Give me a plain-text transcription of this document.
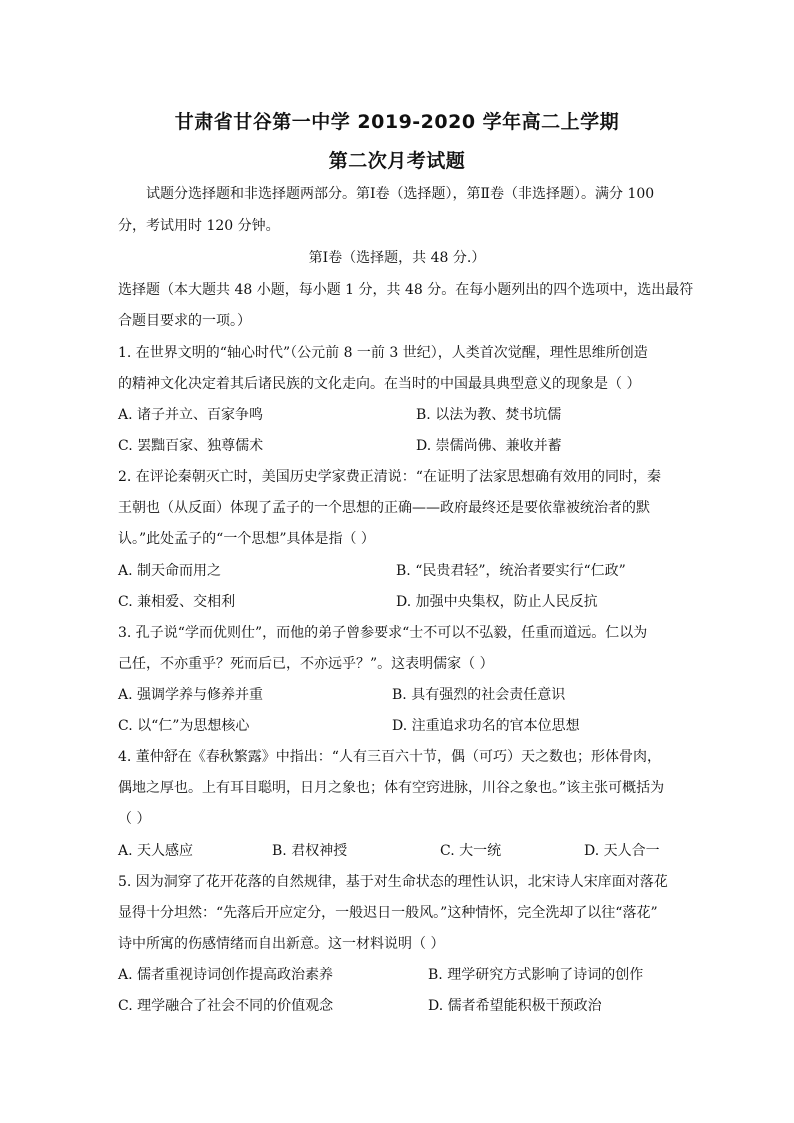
甘肃省甘谷第一中学 2019-2020 学年高二上学期
第二次月考试题
试题分选择题和非选择题两部分。第Ⅰ卷（选择题），第Ⅱ卷（非选择题）。满分 100
分，考试用时 120 分钟。
第Ⅰ卷（选择题，共 48 分.）
选择题（本大题共 48 小题，每小题 1 分，共 48 分。在每小题列出的四个选项中，选出最符
合题目要求的一项。）
1. 在世界文明的“轴心时代”（公元前 8 一前 3 世纪），人类首次觉醒，理性思维所创造
的精神文化决定着其后诸民族的文化走向。在当时的中国最具典型意义的现象是（ ）
A. 诸子并立、百家争鸣	B. 以法为教、焚书坑儒
C. 罢黜百家、独尊儒术	D. 崇儒尚佛、兼收并蓄
2. 在评论秦朝灭亡时，美国历史学家费正清说：“在证明了法家思想确有效用的同时，秦
王朝也（从反面）体现了孟子的一个思想的正确——政府最终还是要依靠被统治者的默
认。”此处孟子的“一个思想”具体是指（ ）
A. 制天命而用之	B. “民贵君轻”，统治者要实行“仁政”
C. 兼相爱、交相利	D. 加强中央集权，防止人民反抗
3. 孔子说“学而优则仕”，而他的弟子曾参要求“士不可以不弘毅，任重而道远。仁以为
己任，不亦重乎？死而后已，不亦远乎？”。这表明儒家（ ）
A. 强调学养与修养并重	B. 具有强烈的社会责任意识
C. 以“仁”为思想核心	D. 注重追求功名的官本位思想
4. 董仲舒在《春秋繁露》中指出：“人有三百六十节，偶（可巧）天之数也；形体骨肉，
偶地之厚也。上有耳目聪明，日月之象也；体有空窍进脉，川谷之象也。”该主张可概括为
（ ）
A. 天人感应	B. 君权神授	C. 大一统	D. 天人合一
5. 因为洞穿了花开花落的自然规律，基于对生命状态的理性认识，北宋诗人宋庠面对落花
显得十分坦然：“先落后开应定分，一般迟日一般风。”这种情怀，完全洗却了以往“落花”
诗中所寓的伤感情绪而自出新意。这一材料说明（ ）
A. 儒者重视诗词创作提高政治素养	B. 理学研究方式影响了诗词的创作
C. 理学融合了社会不同的价值观念	D. 儒者希望能积极干预政治
